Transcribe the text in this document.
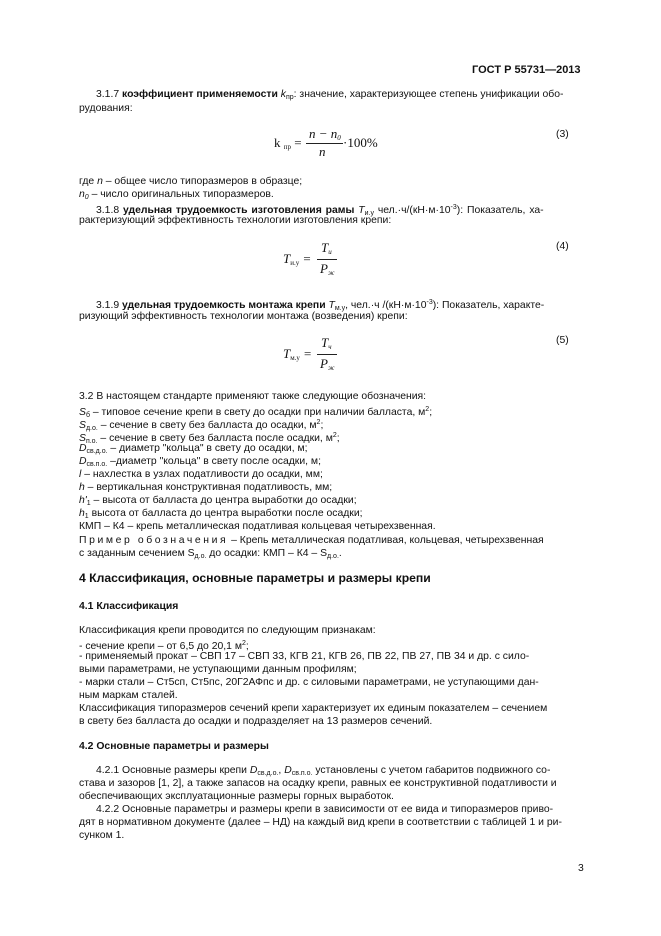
ГОСТ Р 55731—2013
3.1.7 коэффициент применяемости $k_{пр}$: значение, характеризующее степень унификации обо-
рудования:
k $_{пр}$ =
$n - n_0$
n
·100%
(3)
где n – общее число типоразмеров в образце;
$n_0$ – число оригинальных типоразмеров.
3.1.8 удельная трудоемкость изготовления рамы $T_{и.у}$ $чел.\cdot ч/(кН\cdot м\cdot 10^{-3})$: Показатель, ха-
рактеризующий эффективность технологии изготовления крепи:
$T_{и.у}$ =
$T_и$
$P_ж$
(4)
3.1.9 удельная трудоемкость монтажа крепи $T_{м.у}$, чел.·ч $/(кН\cdot м\cdot 10^{-3})$: Показатель, характе-
ризующий эффективность технологии монтажа (возведения) крепи:
$T_{м.у}$ =
$T_ч$
$P_ж$
(5)
3.2 В настоящем стандарте применяют также следующие обозначения:
$S_б$ – типовое сечение крепи в свету до осадки при наличии балласта, $м^2$;
$S_{д.о.}$ – сечение в свету без балласта до осадки, $м^2$;
$S_{п.о.}$ – сечение в свету без балласта после осадки, $м^2$;
$D_{св.д.о.}$ – диаметр "кольца" в свету до осадки, м;
$D_{св.п.о.}$ –диаметр "кольца" в свету после осадки, м;
l – нахлестка в узлах податливости до осадки, мм;
h – вертикальная конструктивная податливость, мм;
$h'_1$ – высота от балласта до центра выработки до осадки;
$h_1$ высота от балласта до центра выработки после осадки;
КМП – К4 – крепь металлическая податливая кольцевая четырехзвенная.
Пример обозначения – Крепь металлическая податливая, кольцевая, четырехзвенная
с заданным сечением $S_{д.о.}$ до осадки: КМП – $К4 - S_{д.о.}$.
4 Классификация, основные параметры и размеры крепи
4.1 Классификация
Классификация крепи проводится по следующим признакам:
- сечение крепи – от 6,5 до 20,1 $м^2$;
- применяемый прокат – СВП 17 – СВП 33, КГВ 21, КГВ 26, ПВ 22, ПВ 27, ПВ 34 и др. с сило-
выми параметрами, не уступающими данным профилям;
- марки стали – Ст5сп, Ст5пс, 20Г2АФпс и др. с силовыми параметрами, не уступающими дан-
ным маркам сталей.
Классификация типоразмеров сечений крепи характеризует их единым показателем – сечением
в свету без балласта до осадки и подразделяет на 13 размеров сечений.
4.2 Основные параметры и размеры
4.2.1 Основные размеры крепи $D_{св.д.о.}$, $D_{св.п.о.}$ установлены с учетом габаритов подвижного со-
става и зазоров [1, 2], а также запасов на осадку крепи, равных ее конструктивной податливости и
обеспечивающих эксплуатационные размеры горных выработок.
4.2.2 Основные параметры и размеры крепи в зависимости от ее вида и типоразмеров приво-
дят в нормативном документе (далее – НД) на каждый вид крепи в соответствии с таблицей 1 и ри-
сунком 1.
3
